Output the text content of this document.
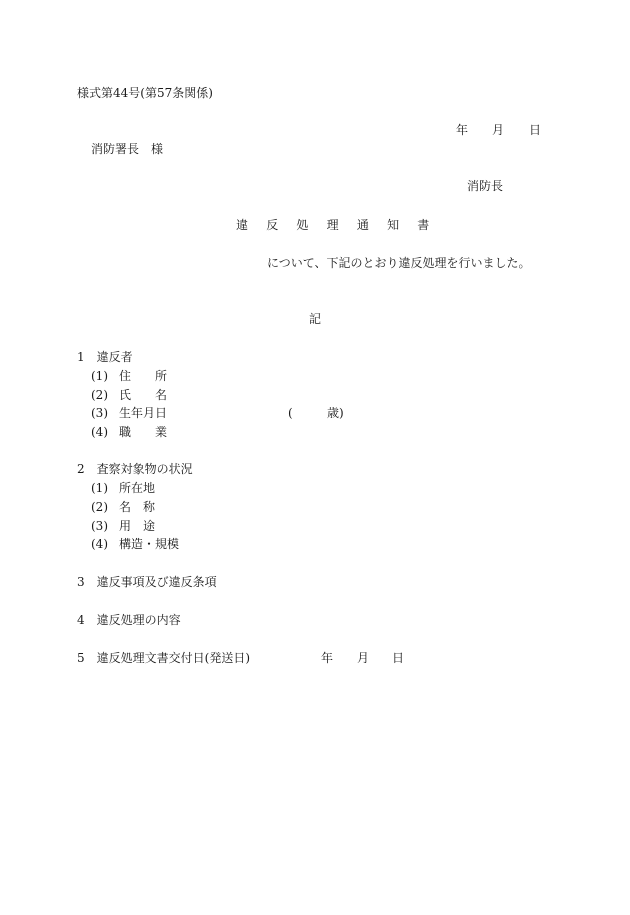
様式第44号(第57条関係)
年 月 日
消防署長　様
消防長
違 反 処 理 通 知 書
について、下記のとおり違反処理を行いました。
記
1　違反者
(1) 住　　所
(2) 氏　　名
(3) 生年月日	(	歳)
(4) 職　　業
2　査察対象物の状況
(1) 所在地
(2) 名　称
(3) 用　途
(4) 構造・規模
3　違反事項及び違反条項
4　違反処理の内容
5　違反処理文書交付日(発送日)	年 月 日
